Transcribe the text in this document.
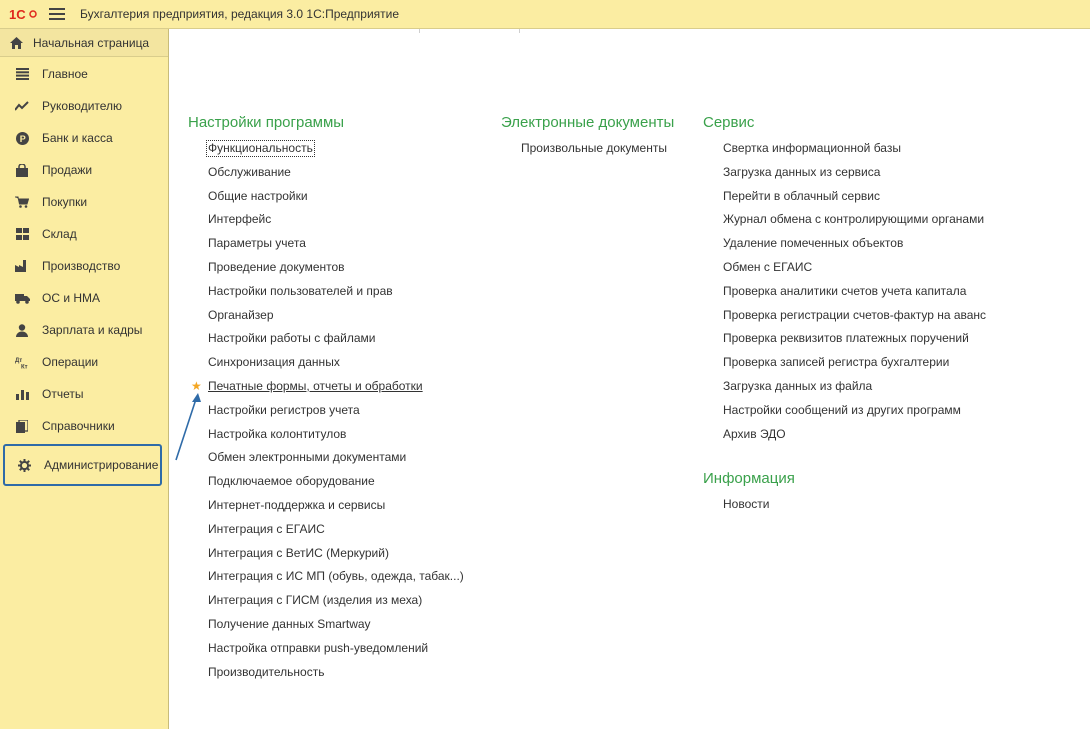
1С	Бухгалтерия предприятия, редакция 3.0 1С:Предприятие
Начальная страница
Главное
Руководителю
P Банк и касса
Продажи
Покупки
Склад
Производство
ОС и НМА
Зарплата и кадры
Дт
Кт Операции
Отчеты
Справочники
Администрирование
Настройки программы
Функциональность
Обслуживание
Общие настройки
Интерфейс
Параметры учета
Проведение документов
Настройки пользователей и прав
Органайзер
Настройки работы с файлами
Синхронизация данных
★ Печатные формы, отчеты и обработки
Настройки регистров учета
Настройка колонтитулов
Обмен электронными документами
Подключаемое оборудование
Интернет-поддержка и сервисы
Интеграция с ЕГАИС
Интеграция с ВетИС (Меркурий)
Интеграция с ИС МП (обувь, одежда, табак...)
Интеграция с ГИСМ (изделия из меха)
Получение данных Smartway
Настройка отправки push-уведомлений
Производительность
Электронные документы
Произвольные документы
Сервис
Свертка информационной базы
Загрузка данных из сервиса
Перейти в облачный сервис
Журнал обмена с контролирующими органами
Удаление помеченных объектов
Обмен с ЕГАИС
Проверка аналитики счетов учета капитала
Проверка регистрации счетов-фактур на аванс
Проверка реквизитов платежных поручений
Проверка записей регистра бухгалтерии
Загрузка данных из файла
Настройки сообщений из других программ
Архив ЭДО
Информация
Новости
